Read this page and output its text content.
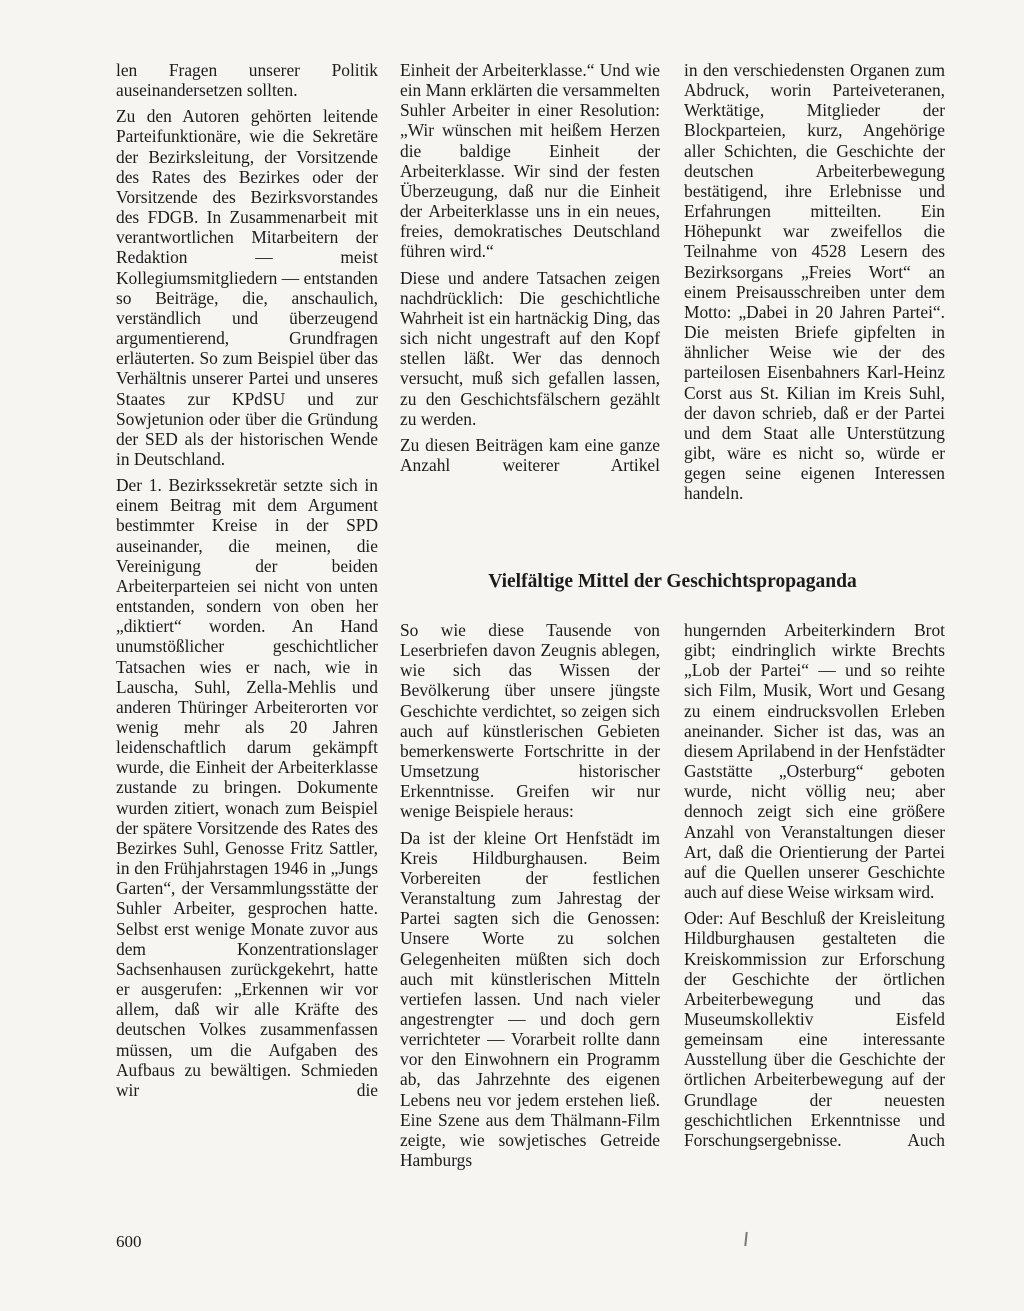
len Fragen unserer Politik auseinandersetzen sollten.

Zu den Autoren gehörten leitende Parteifunktionäre, wie die Sekretäre der Bezirksleitung, der Vorsitzende des Rates des Bezirkes oder der Vorsitzende des Bezirksvorstandes des FDGB. In Zusammenarbeit mit verantwortlichen Mitarbeitern der Redaktion — meist Kollegiumsmitgliedern — entstanden so Beiträge, die, anschaulich, verständlich und überzeugend argumentierend, Grundfragen erläuterten. So zum Beispiel über das Verhältnis unserer Partei und unseres Staates zur KPdSU und zur Sowjetunion oder über die Gründung der SED als der historischen Wende in Deutschland.

Der 1. Bezirkssekretär setzte sich in einem Beitrag mit dem Argument bestimmter Kreise in der SPD auseinander, die meinen, die Vereinigung der beiden Arbeiterparteien sei nicht von unten entstanden, sondern von oben her „diktiert“ worden. An Hand unumstößlicher geschichtlicher Tatsachen wies er nach, wie in Lauscha, Suhl, Zella-Mehlis und anderen Thüringer Arbeiterorten vor wenig mehr als 20 Jahren leidenschaftlich darum gekämpft wurde, die Einheit der Arbeiterklasse zustande zu bringen. Dokumente wurden zitiert, wonach zum Beispiel der spätere Vorsitzende des Rates des Bezirkes Suhl, Genosse Fritz Sattler, in den Frühjahrstagen 1946 in „Jungs Garten“, der Versammlungsstätte der Suhler Arbeiter, gesprochen hatte. Selbst erst wenige Monate zuvor aus dem Konzentrationslager Sachsenhausen zurückgekehrt, hatte er ausgerufen: „Erkennen wir vor allem, daß wir alle Kräfte des deutschen Volkes zusammenfassen müssen, um die Aufgaben des Aufbaus zu bewältigen. Schmieden wir die

Einheit der Arbeiterklasse.“ Und wie ein Mann erklärten die versammelten Suhler Arbeiter in einer Resolution: „Wir wünschen mit heißem Herzen die baldige Einheit der Arbeiterklasse. Wir sind der festen Überzeugung, daß nur die Einheit der Arbeiterklasse uns in ein neues, freies, demokratisches Deutschland führen wird.“

Diese und andere Tatsachen zeigen nachdrücklich: Die geschichtliche Wahrheit ist ein hartnäckig Ding, das sich nicht ungestraft auf den Kopf stellen läßt. Wer das dennoch versucht, muß sich gefallen lassen, zu den Geschichtsfälschern gezählt zu werden.

Zu diesen Beiträgen kam eine ganze Anzahl weiterer Artikel

in den verschiedensten Organen zum Abdruck, worin Parteiveteranen, Werktätige, Mitglieder der Blockparteien, kurz, Angehörige aller Schichten, die Geschichte der deutschen Arbeiterbewegung bestätigend, ihre Erlebnisse und Erfahrungen mitteilten. Ein Höhepunkt war zweifellos die Teilnahme von 4528 Lesern des Bezirksorgans „Freies Wort“ an einem Preisausschreiben unter dem Motto: „Dabei in 20 Jahren Partei“. Die meisten Briefe gipfelten in ähnlicher Weise wie der des parteilosen Eisenbahners Karl-Heinz Corst aus St. Kilian im Kreis Suhl, der davon schrieb, daß er der Partei und dem Staat alle Unterstützung gibt, wäre es nicht so, würde er gegen seine eigenen Interessen handeln.

Vielfältige Mittel der Geschichtspropaganda

So wie diese Tausende von Leserbriefen davon Zeugnis ablegen, wie sich das Wissen der Bevölkerung über unsere jüngste Geschichte verdichtet, so zeigen sich auch auf künstlerischen Gebieten bemerkenswerte Fortschritte in der Umsetzung historischer Erkenntnisse. Greifen wir nur wenige Beispiele heraus:

Da ist der kleine Ort Henfstädt im Kreis Hildburghausen. Beim Vorbereiten der festlichen Veranstaltung zum Jahrestag der Partei sagten sich die Genossen: Unsere Worte zu solchen Gelegenheiten müßten sich doch auch mit künstlerischen Mitteln vertiefen lassen. Und nach vieler angestrengter — und doch gern verrichteter — Vorarbeit rollte dann vor den Einwohnern ein Programm ab, das Jahrzehnte des eigenen Lebens neu vor jedem erstehen ließ. Eine Szene aus dem Thälmann-Film zeigte, wie sowjetisches Getreide Hamburgs

hungernden Arbeiterkindern Brot gibt; eindringlich wirkte Brechts „Lob der Partei“ — und so reihte sich Film, Musik, Wort und Gesang zu einem eindrucksvollen Erleben aneinander. Sicher ist das, was an diesem Aprilabend in der Henfstädter Gaststätte „Osterburg“ geboten wurde, nicht völlig neu; aber dennoch zeigt sich eine größere Anzahl von Veranstaltungen dieser Art, daß die Orientierung der Partei auf die Quellen unserer Geschichte auch auf diese Weise wirksam wird.

Oder: Auf Beschluß der Kreisleitung Hildburghausen gestalteten die Kreiskommission zur Erforschung der Geschichte der örtlichen Arbeiterbewegung und das Museumskollektiv Eisfeld gemeinsam eine interessante Ausstellung über die Geschichte der örtlichen Arbeiterbewegung auf der Grundlage der neuesten geschichtlichen Erkenntnisse und Forschungsergebnisse. Auch

600
